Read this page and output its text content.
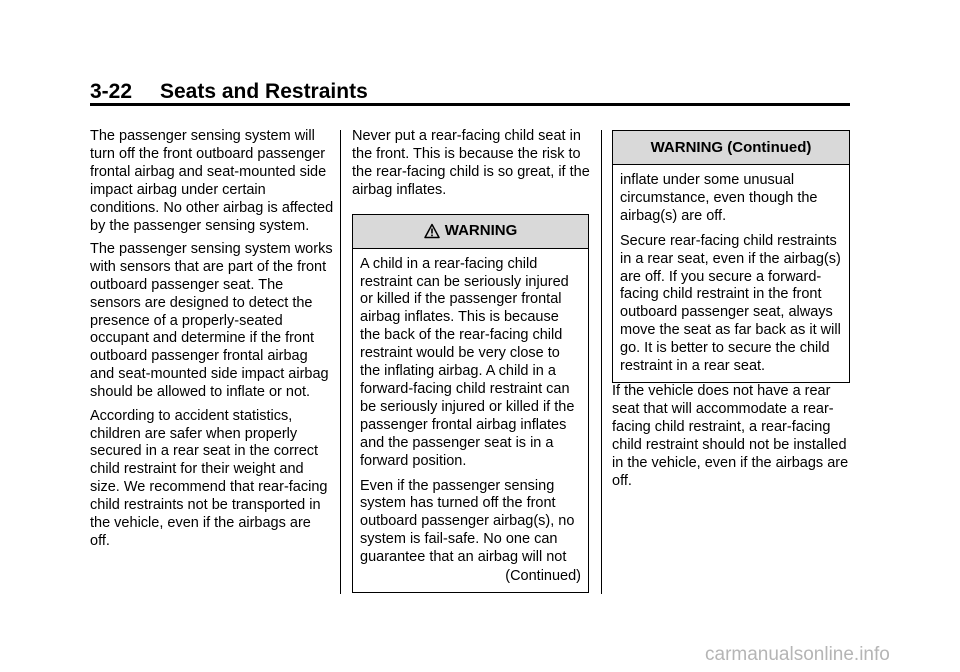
3-22 Seats and Restraints

The passenger sensing system will turn off the front outboard passenger frontal airbag and seat-mounted side impact airbag under certain conditions. No other airbag is affected by the passenger sensing system.

The passenger sensing system works with sensors that are part of the front outboard passenger seat. The sensors are designed to detect the presence of a properly-seated occupant and determine if the front outboard passenger frontal airbag and seat-mounted side impact airbag should be allowed to inflate or not.

According to accident statistics, children are safer when properly secured in a rear seat in the correct child restraint for their weight and size. We recommend that rear-facing child restraints not be transported in the vehicle, even if the airbags are off.

Never put a rear-facing child seat in the front. This is because the risk to the rear-facing child is so great, if the airbag inflates.

WARNING

A child in a rear-facing child restraint can be seriously injured or killed if the passenger frontal airbag inflates. This is because the back of the rear-facing child restraint would be very close to the inflating airbag. A child in a forward-facing child restraint can be seriously injured or killed if the passenger frontal airbag inflates and the passenger seat is in a forward position.

Even if the passenger sensing system has turned off the front outboard passenger airbag(s), no system is fail-safe. No one can guarantee that an airbag will not

(Continued)
WARNING (Continued)

inflate under some unusual circumstance, even though the airbag(s) are off.

Secure rear-facing child restraints in a rear seat, even if the airbag(s) are off. If you secure a forward-facing child restraint in the front outboard passenger seat, always move the seat as far back as it will go. It is better to secure the child restraint in a rear seat.

If the vehicle does not have a rear seat that will accommodate a rear-facing child restraint, a rear-facing child restraint should not be installed in the vehicle, even if the airbags are off.

carmanualsonline.info
